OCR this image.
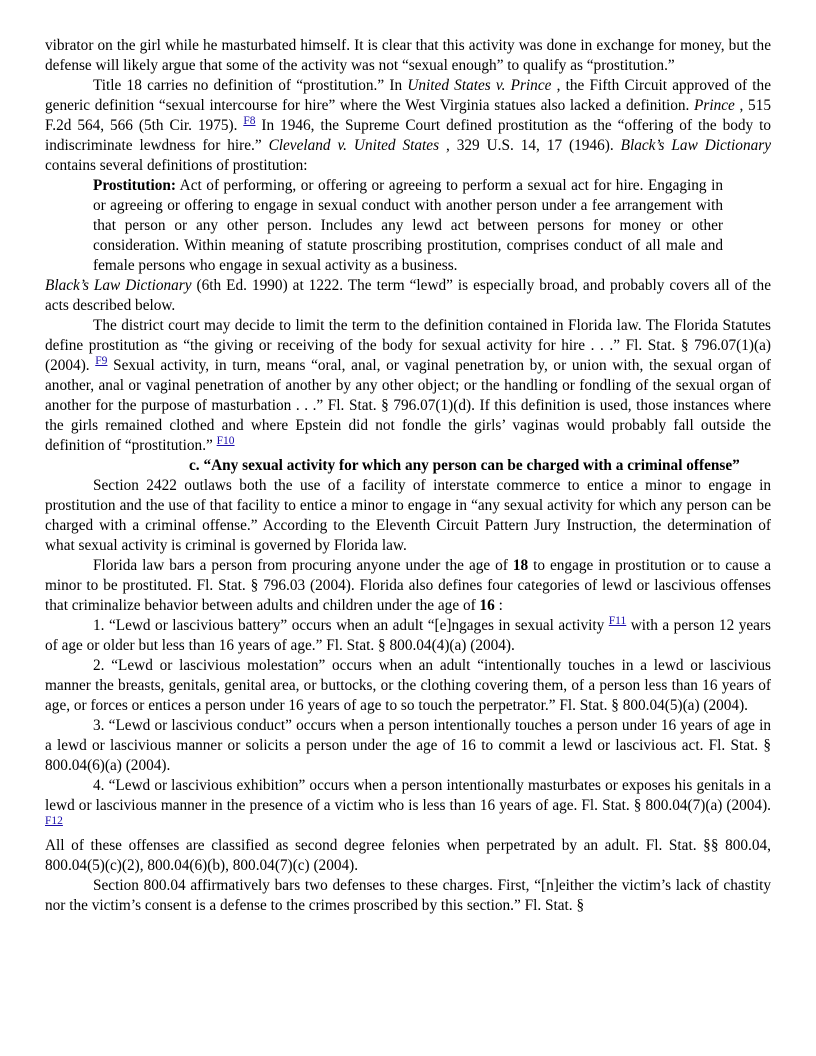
vibrator on the girl while he masturbated himself. It is clear that this activity was done in exchange for money, but the defense will likely argue that some of the activity was not “sexual enough” to qualify as “prostitution.”

Title 18 carries no definition of “prostitution.” In United States v. Prince , the Fifth Circuit approved of the generic definition “sexual intercourse for hire” where the West Virginia statues also lacked a definition. Prince , 515 F.2d 564, 566 (5th Cir. 1975). $^{F8}$ In 1946, the Supreme Court defined prostitution as the “offering of the body to indiscriminate lewdness for hire.” Cleveland v. United States , 329 U.S. 14, 17 (1946). Black’s Law Dictionary contains several definitions of prostitution:

Prostitution: Act of performing, or offering or agreeing to perform a sexual act for hire. Engaging in or agreeing or offering to engage in sexual conduct with another person under a fee arrangement with that person or any other person. Includes any lewd act between persons for money or other consideration. Within meaning of statute proscribing prostitution, comprises conduct of all male and female persons who engage in sexual activity as a business.

Black’s Law Dictionary (6th Ed. 1990) at 1222. The term “lewd” is especially broad, and probably covers all of the acts described below.

The district court may decide to limit the term to the definition contained in Florida law. The Florida Statutes define prostitution as “the giving or receiving of the body for sexual activity for hire . . .” Fl. Stat. § 796.07(1)(a) (2004). $^{F9}$ Sexual activity, in turn, means “oral, anal, or vaginal penetration by, or union with, the sexual organ of another, anal or vaginal penetration of another by any other object; or the handling or fondling of the sexual organ of another for the purpose of masturbation . . .” Fl. Stat. § 796.07(1)(d). If this definition is used, those instances where the girls remained clothed and where Epstein did not fondle the girls’ vaginas would probably fall outside the definition of “prostitution.” $^{F10}$

c. “Any sexual activity for which any person can be charged with a criminal offense”

Section 2422 outlaws both the use of a facility of interstate commerce to entice a minor to engage in prostitution and the use of that facility to entice a minor to engage in “any sexual activity for which any person can be charged with a criminal offense.” According to the Eleventh Circuit Pattern Jury Instruction, the determination of what sexual activity is criminal is governed by Florida law.

Florida law bars a person from procuring anyone under the age of 18 to engage in prostitution or to cause a minor to be prostituted. Fl. Stat. § 796.03 (2004). Florida also defines four categories of lewd or lascivious offenses that criminalize behavior between adults and children under the age of 16 :

1. “Lewd or lascivious battery” occurs when an adult “[e]ngages in sexual activity $^{F11}$ with a person 12 years of age or older but less than 16 years of age.” Fl. Stat. § 800.04(4)(a) (2004).

2. “Lewd or lascivious molestation” occurs when an adult “intentionally touches in a lewd or lascivious manner the breasts, genitals, genital area, or buttocks, or the clothing covering them, of a person less than 16 years of age, or forces or entices a person under 16 years of age to so touch the perpetrator.” Fl. Stat. § 800.04(5)(a) (2004).

3. “Lewd or lascivious conduct” occurs when a person intentionally touches a person under 16 years of age in a lewd or lascivious manner or solicits a person under the age of 16 to commit a lewd or lascivious act. Fl. Stat. § 800.04(6)(a) (2004).

4. “Lewd or lascivious exhibition” occurs when a person intentionally masturbates or exposes his genitals in a lewd or lascivious manner in the presence of a victim who is less than 16 years of age. Fl. Stat. § 800.04(7)(a) (2004). $^{F12}$

All of these offenses are classified as second degree felonies when perpetrated by an adult. Fl. Stat. §§ 800.04, 800.04(5)(c)(2), 800.04(6)(b), 800.04(7)(c) (2004).

Section 800.04 affirmatively bars two defenses to these charges. First, “[n]either the victim’s lack of chastity nor the victim’s consent is a defense to the crimes proscribed by this section.” Fl. Stat. §
